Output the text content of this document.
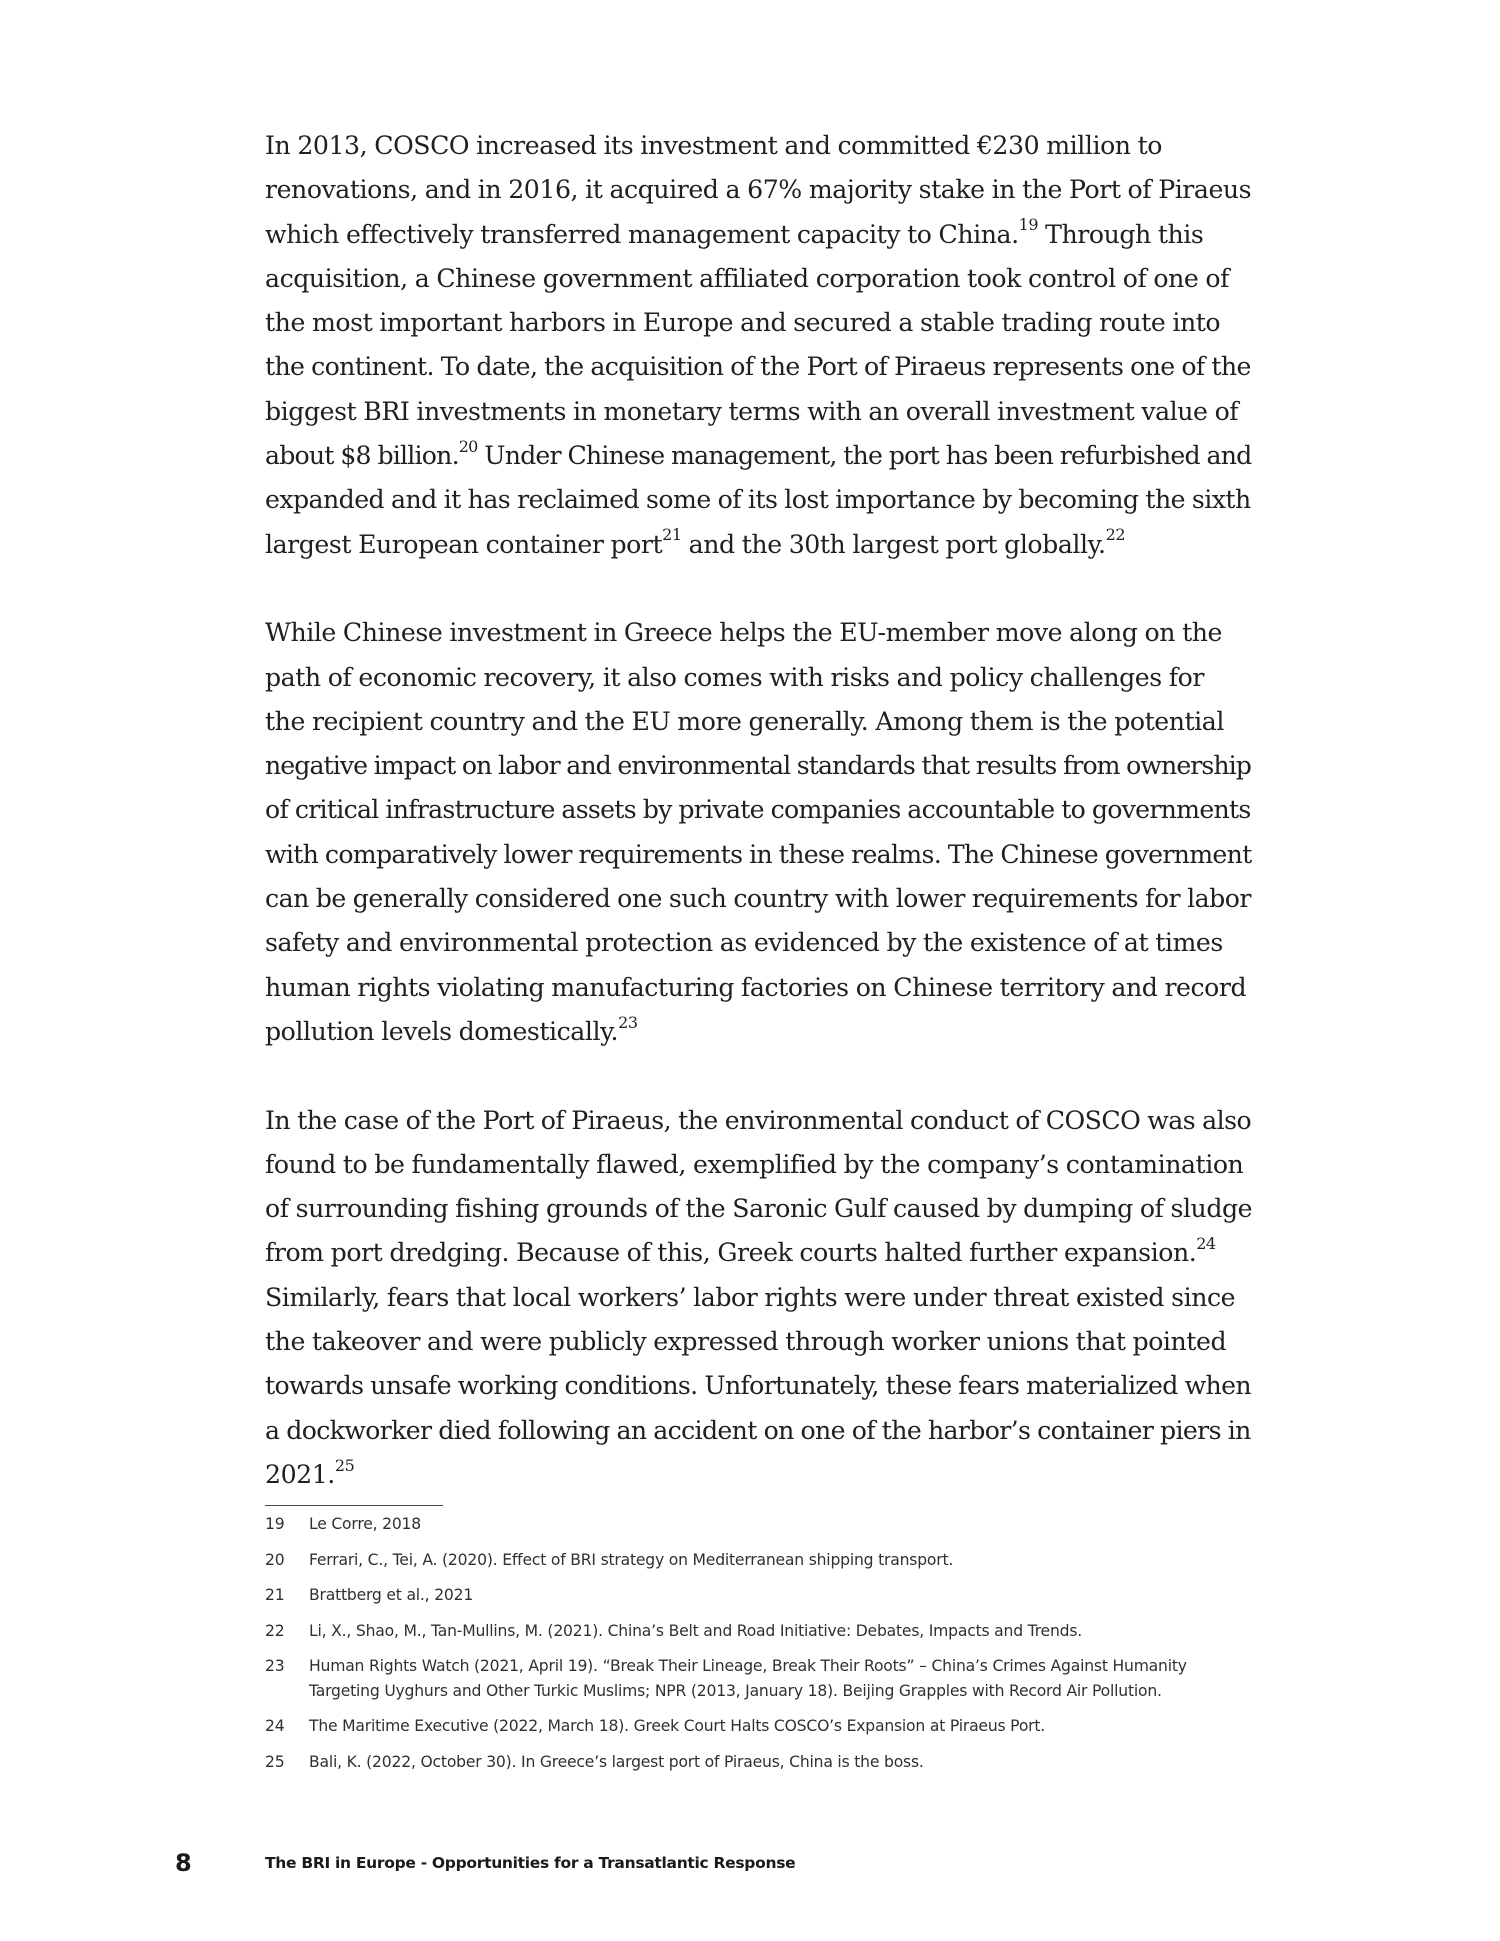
In 2013, COSCO increased its investment and committed €230 million to
renovations, and in 2016, it acquired a 67% majority stake in the Port of Piraeus
which effectively transferred management capacity to China.$^{19}$ Through this
acquisition, a Chinese government affiliated corporation took control of one of
the most important harbors in Europe and secured a stable trading route into
the continent. To date, the acquisition of the Port of Piraeus represents one of the
biggest BRI investments in monetary terms with an overall investment value of
about $8 billion.$^{20}$ Under Chinese management, the port has been refurbished and
expanded and it has reclaimed some of its lost importance by becoming the sixth
largest European container port$^{21}$ and the 30th largest port globally.$^{22}$

While Chinese investment in Greece helps the EU-member move along on the
path of economic recovery, it also comes with risks and policy challenges for
the recipient country and the EU more generally. Among them is the potential
negative impact on labor and environmental standards that results from ownership
of critical infrastructure assets by private companies accountable to governments
with comparatively lower requirements in these realms. The Chinese government
can be generally considered one such country with lower requirements for labor
safety and environmental protection as evidenced by the existence of at times
human rights violating manufacturing factories on Chinese territory and record
pollution levels domestically.$^{23}$

In the case of the Port of Piraeus, the environmental conduct of COSCO was also
found to be fundamentally flawed, exemplified by the company’s contamination
of surrounding fishing grounds of the Saronic Gulf caused by dumping of sludge
from port dredging. Because of this, Greek courts halted further expansion.$^{24}$
Similarly, fears that local workers’ labor rights were under threat existed since
the takeover and were publicly expressed through worker unions that pointed
towards unsafe working conditions. Unfortunately, these fears materialized when
a dockworker died following an accident on one of the harbor’s container piers in
2021.25

19	Le Corre, 2018
20	Ferrari, C., Tei, A. (2020). Effect of BRI strategy on Mediterranean shipping transport.
21	Brattberg et al., 2021
22	Li, X., Shao, M., Tan-Mullins, M. (2021). China’s Belt and Road Initiative: Debates, Impacts and Trends.
23	Human Rights Watch (2021, April 19). “Break Their Lineage, Break Their Roots” – China’s Crimes Against Humanity
Targeting Uyghurs and Other Turkic Muslims; NPR (2013, January 18). Beijing Grapples with Record Air Pollution.
24	The Maritime Executive (2022, March 18). Greek Court Halts COSCO’s Expansion at Piraeus Port.
25	Bali, K. (2022, October 30). In Greece’s largest port of Piraeus, China is the boss.
8	The BRI in Europe - Opportunities for a Transatlantic Response
